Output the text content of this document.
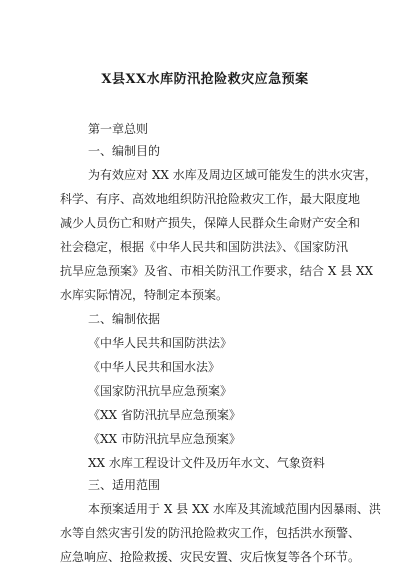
X县XX水库防汛抢险救灾应急预案
第一章总则
一、编制目的
为有效应对 XX 水库及周边区域可能发生的洪水灾害，
科学、有序、高效地组织防汛抢险救灾工作，最大限度地
减少人员伤亡和财产损失，保障人民群众生命财产安全和
社会稳定，根据《中华人民共和国防洪法》、《国家防汛
抗旱应急预案》及省、市相关防汛工作要求，结合 X 县 XX
水库实际情况，特制定本预案。
二、编制依据
《中华人民共和国防洪法》
《中华人民共和国水法》
《国家防汛抗旱应急预案》
《XX 省防汛抗旱应急预案》
《XX 市防汛抗旱应急预案》
XX 水库工程设计文件及历年水文、气象资料
三、适用范围
本预案适用于 X 县 XX 水库及其流域范围内因暴雨、洪
水等自然灾害引发的防汛抢险救灾工作，包括洪水预警、
应急响应、抢险救援、灾民安置、灾后恢复等各个环节。
